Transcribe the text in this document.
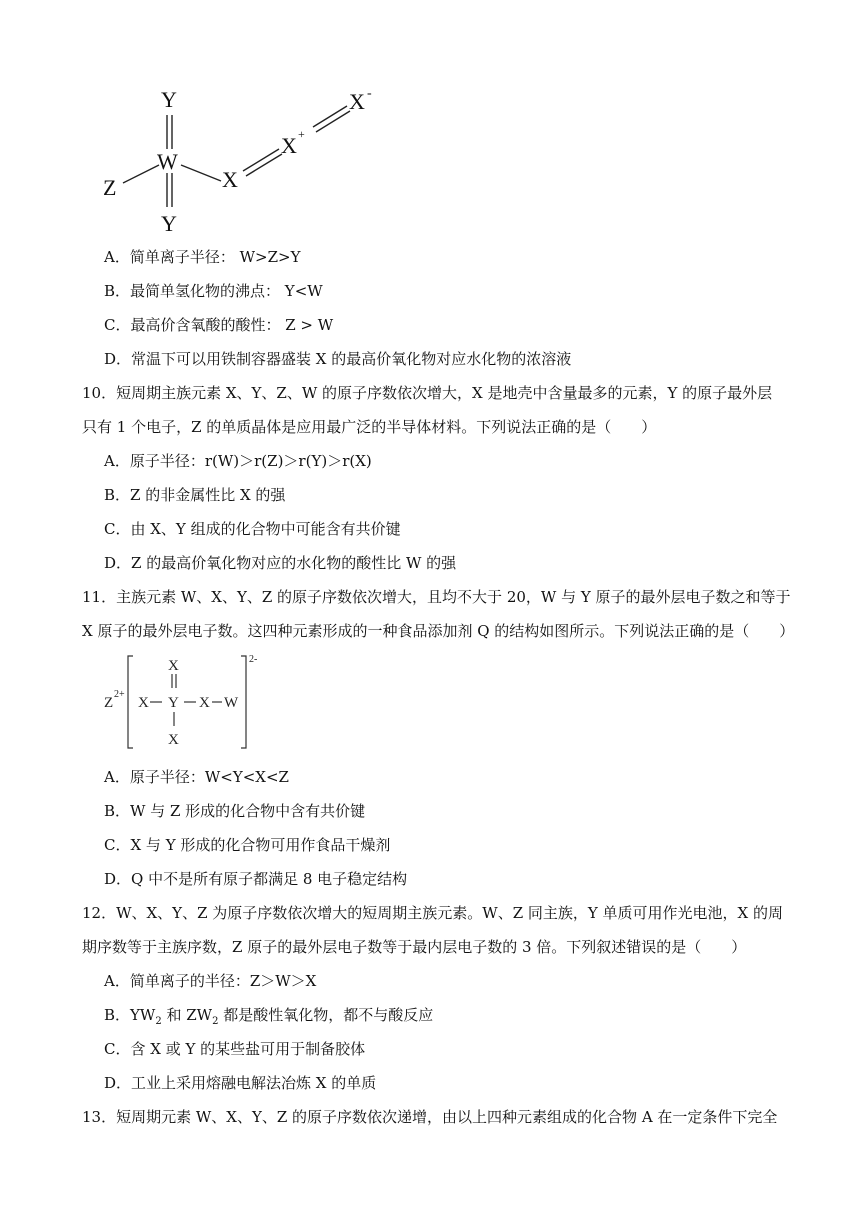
Y
W
Z
Y
X
X +
X -
A．简单离子半径： W>Z>Y
B．最简单氢化物的沸点： Y<W
C．最高价含氧酸的酸性： Z > W
D．常温下可以用铁制容器盛装 X 的最高价氧化物对应水化物的浓溶液
10．短周期主族元素 X、Y、Z、W 的原子序数依次增大，X 是地壳中含量最多的元素，Y 的原子最外层
只有 1 个电子，Z 的单质晶体是应用最广泛的半导体材料。下列说法正确的是（　　）
A．原子半径：r(W)＞r(Z)＞r(Y)＞r(X)
B．Z 的非金属性比 X 的强
C．由 X、Y 组成的化合物中可能含有共价键
D．Z 的最高价氧化物对应的水化物的酸性比 W 的强
11．主族元素 W、X、Y、Z 的原子序数依次增大，且均不大于 20，W 与 Y 原子的最外层电子数之和等于
X 原子的最外层电子数。这四种元素形成的一种食品添加剂 Q 的结构如图所示。下列说法正确的是（　　）
Z
2+
X
X Y X W
X
2-
A．原子半径：W<Y<X<Z
B．W 与 Z 形成的化合物中含有共价键
C．X 与 Y 形成的化合物可用作食品干燥剂
D．Q 中不是所有原子都满足 8 电子稳定结构
12．W、X、Y、Z 为原子序数依次增大的短周期主族元素。W、Z 同主族，Y 单质可用作光电池，X 的周
期序数等于主族序数，Z 原子的最外层电子数等于最内层电子数的 3 倍。下列叙述错误的是（　　）
A．简单离子的半径：Z＞W＞X
B．$YW_2$ 和 $ZW_2$ 都是酸性氧化物，都不与酸反应
C．含 X 或 Y 的某些盐可用于制备胶体
D．工业上采用熔融电解法冶炼 X 的单质
13．短周期元素 W、X、Y、Z 的原子序数依次递增，由以上四种元素组成的化合物 A 在一定条件下完全
